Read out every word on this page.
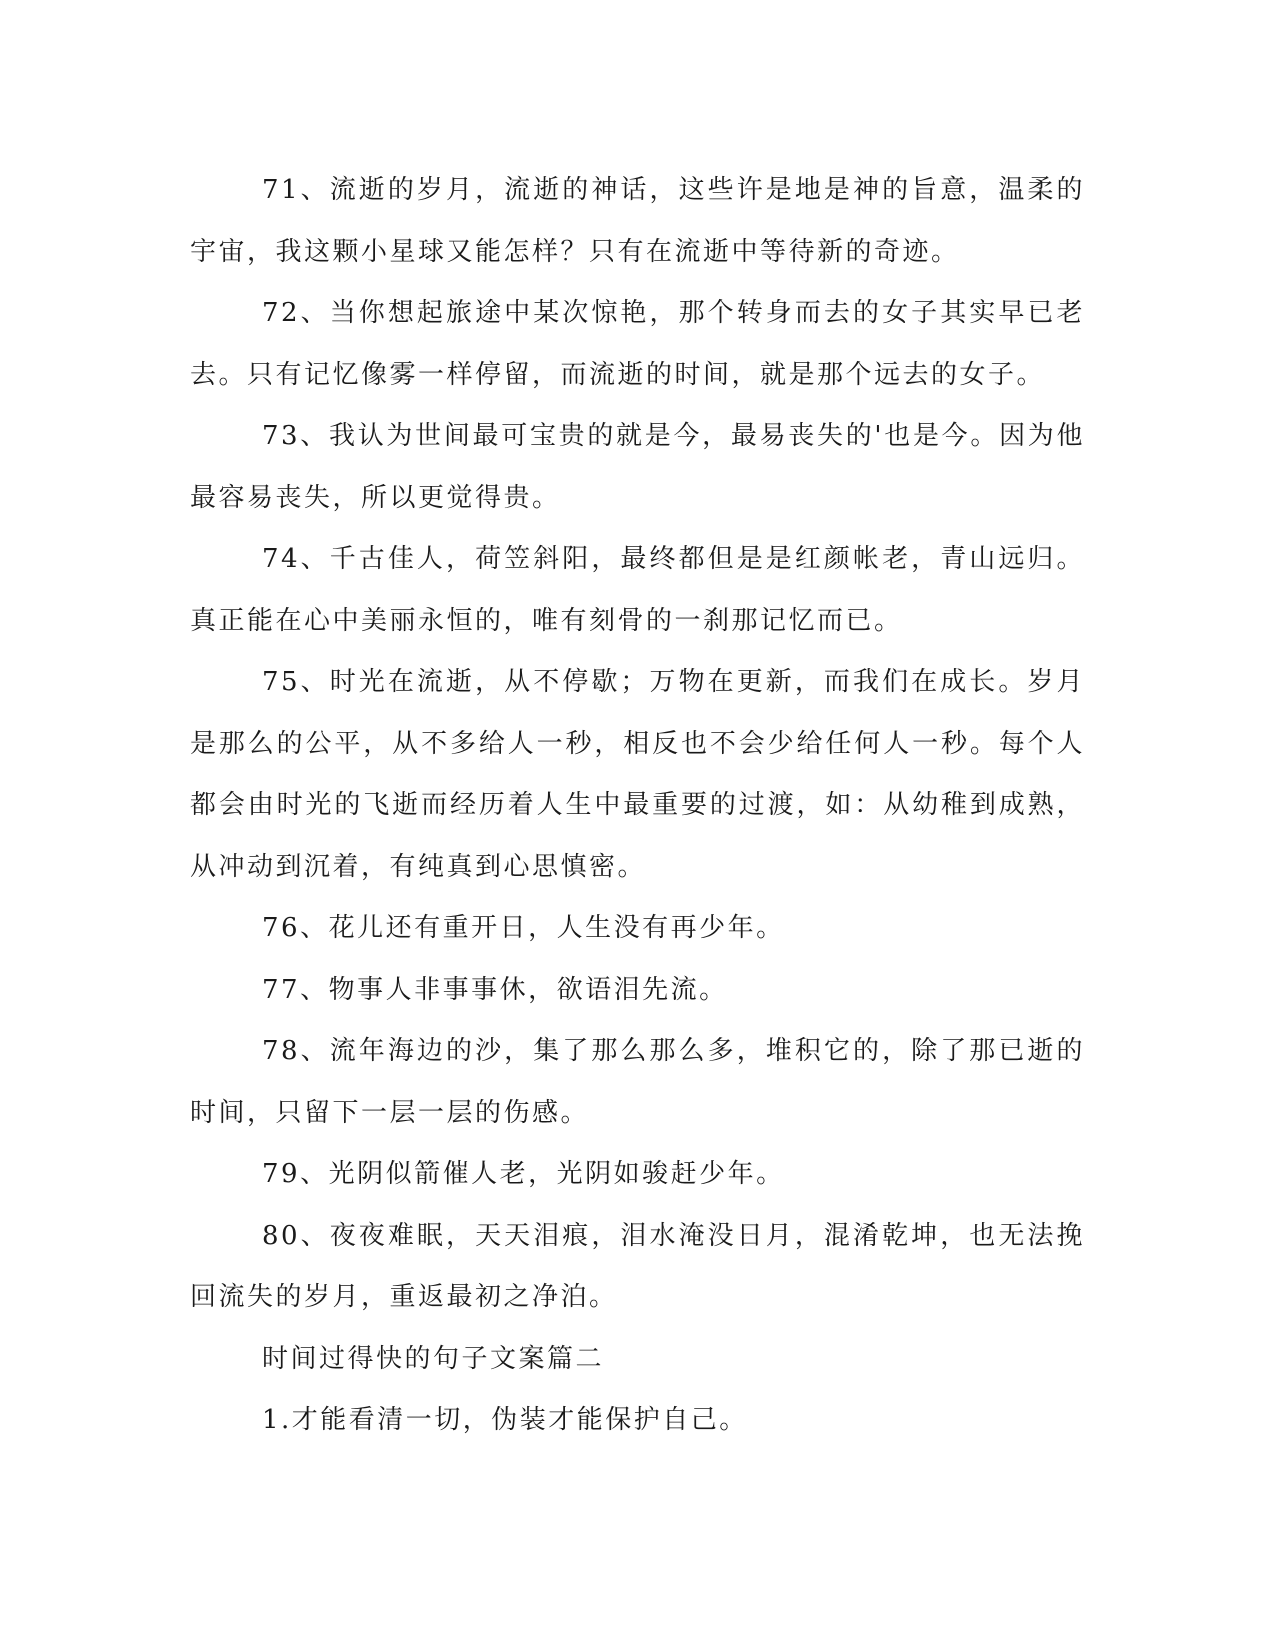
71、流逝的岁月，流逝的神话，这些许是地是神的旨意，温柔的宇宙，我这颗小星球又能怎样？只有在流逝中等待新的奇迹。

72、当你想起旅途中某次惊艳，那个转身而去的女子其实早已老去。只有记忆像雾一样停留，而流逝的时间，就是那个远去的女子。

73、我认为世间最可宝贵的就是今，最易丧失的'也是今。因为他最容易丧失，所以更觉得贵。

74、千古佳人，荷笠斜阳，最终都但是是红颜帐老，青山远归。真正能在心中美丽永恒的，唯有刻骨的一刹那记忆而已。

75、时光在流逝，从不停歇；万物在更新，而我们在成长。岁月是那么的公平，从不多给人一秒，相反也不会少给任何人一秒。每个人都会由时光的飞逝而经历着人生中最重要的过渡，如：从幼稚到成熟，从冲动到沉着，有纯真到心思慎密。

76、花儿还有重开日，人生没有再少年。

77、物事人非事事休，欲语泪先流。

78、流年海边的沙，集了那么那么多，堆积它的，除了那已逝的时间，只留下一层一层的伤感。

79、光阴似箭催人老，光阴如骏赶少年。

80、夜夜难眠，天天泪痕，泪水淹没日月，混淆乾坤，也无法挽回流失的岁月，重返最初之净泊。

时间过得快的句子文案篇二

1.才能看清一切，伪装才能保护自己。
